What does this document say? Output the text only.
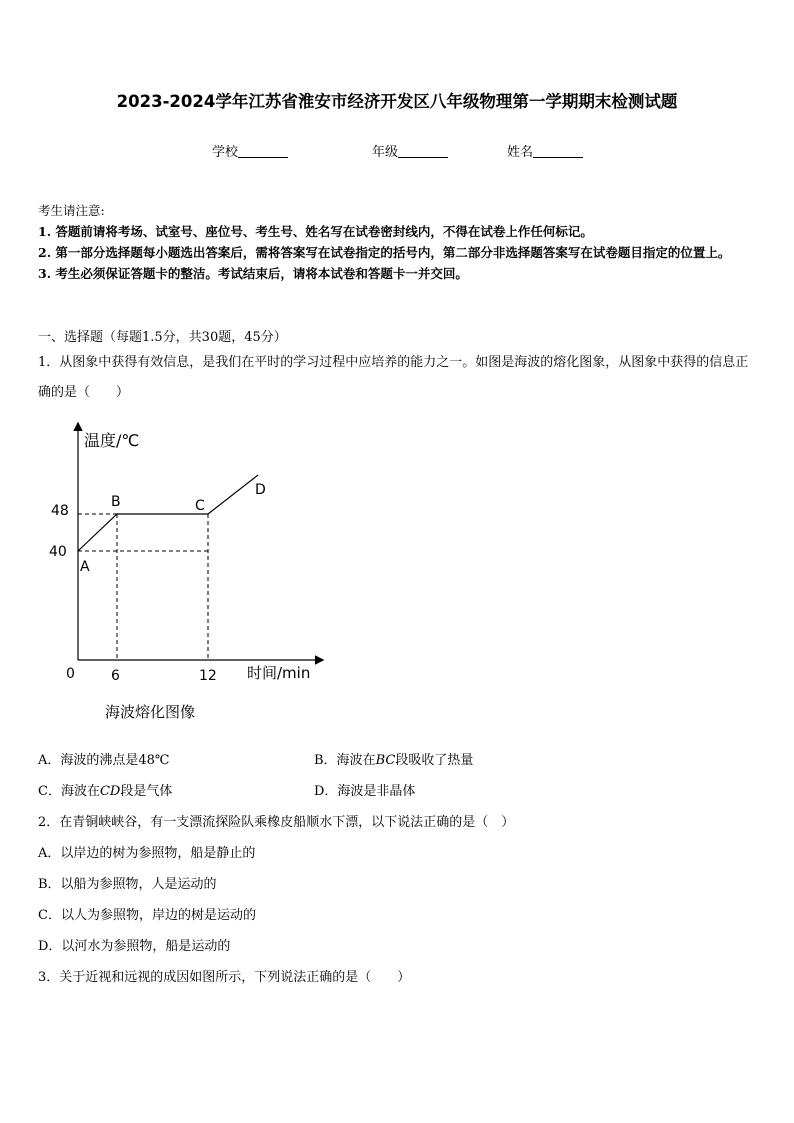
2023-2024学年江苏省淮安市经济开发区八年级物理第一学期期末检测试题
学校	年级	姓名

考生请注意:

1. 答题前请将考场、试室号、座位号、考生号、姓名写在试卷密封线内，不得在试卷上作任何标记。

2. 第一部分选择题每小题选出答案后，需将答案写在试卷指定的括号内，第二部分非选择题答案写在试卷题目指定的位置上。

3. 考生必须保证答题卡的整洁。考试结束后，请将本试卷和答题卡一并交回。

一、选择题（每题1.5分，共30题，45分）
1．从图象中获得有效信息，是我们在平时的学习过程中应培养的能力之一。如图是海波的熔化图象，从图象中获得的信息正确的是（　　）
温度/℃
时间/min
48
40
0	6	12
A
B	C
D
海波熔化图像
A．海波的沸点是48℃	B．海波在BC段吸收了热量
C．海波在CD段是气体	D．海波是非晶体
2．在青铜峡峡谷，有一支漂流探险队乘橡皮船顺水下漂，以下说法正确的是（　）
A．以岸边的树为参照物，船是静止的
B．以船为参照物，人是运动的
C．以人为参照物，岸边的树是运动的
D．以河水为参照物，船是运动的
3．关于近视和远视的成因如图所示，下列说法正确的是（　　）
